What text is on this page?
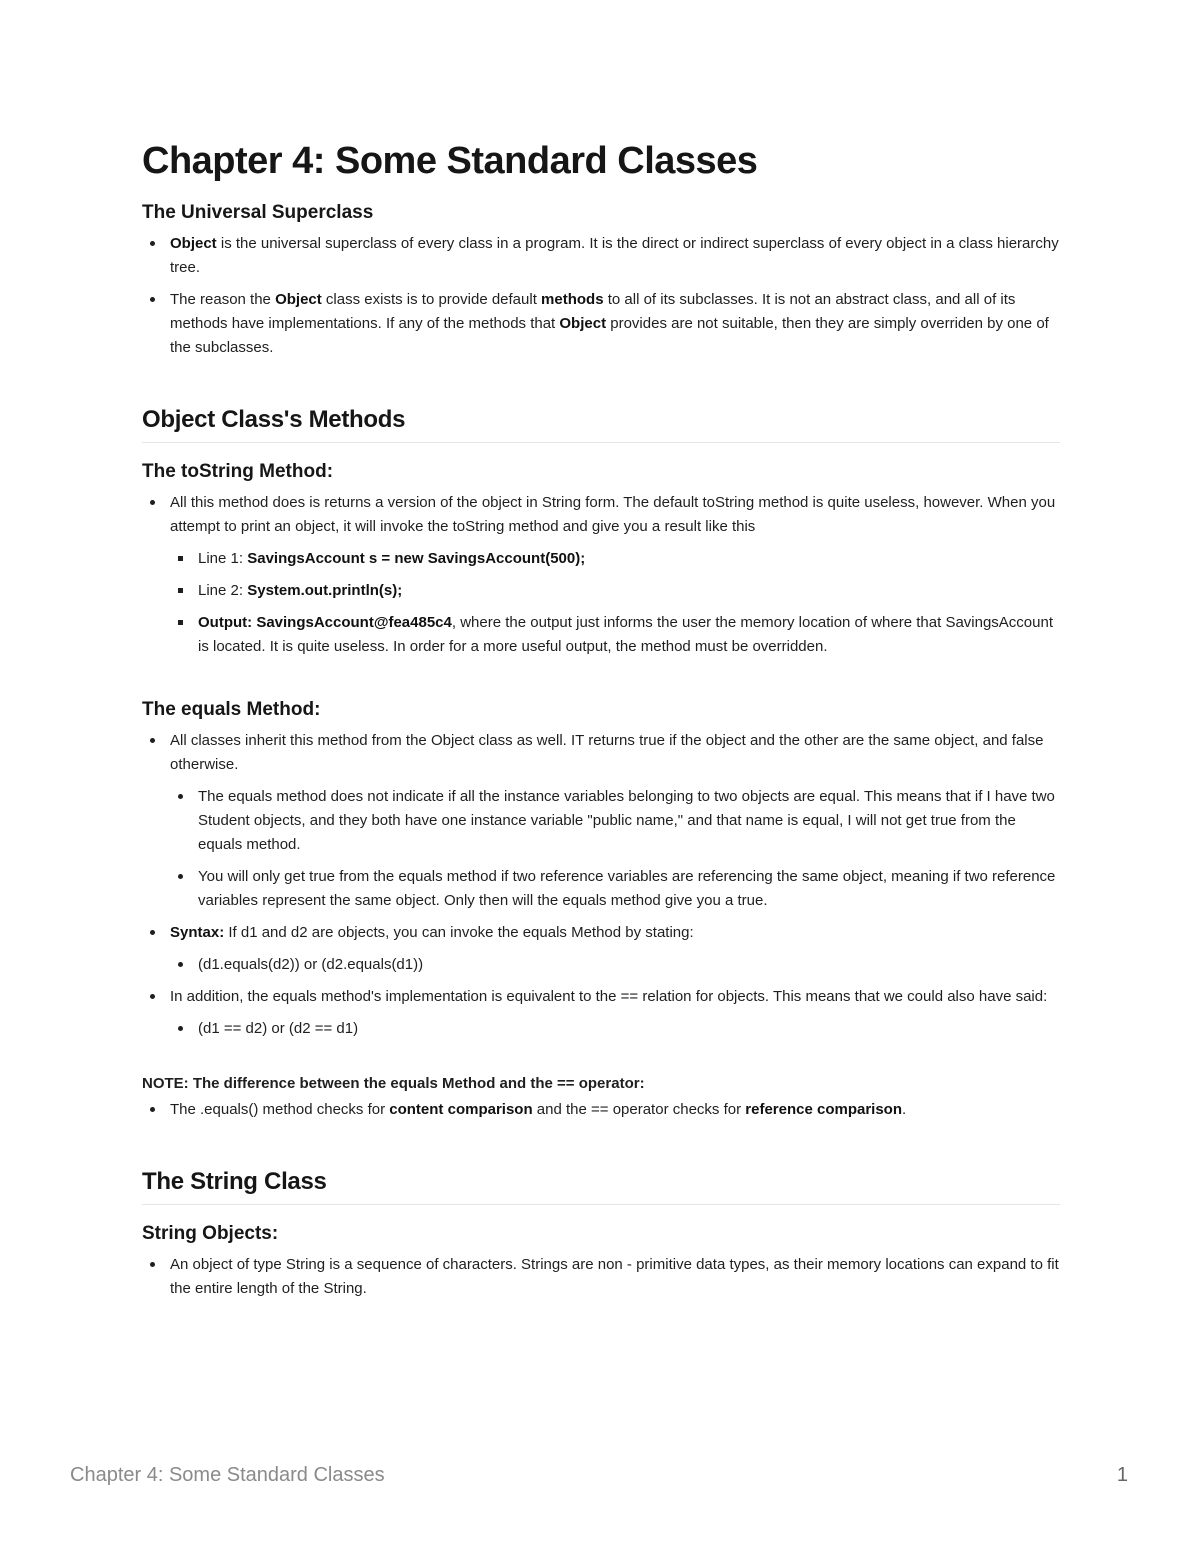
Chapter 4: Some Standard Classes
The Universal Superclass
Object is the universal superclass of every class in a program. It is the direct or indirect superclass of every object in a class hierarchy tree.
The reason the Object class exists is to provide default methods to all of its subclasses. It is not an abstract class, and all of its methods have implementations. If any of the methods that Object provides are not suitable, then they are simply overriden by one of the subclasses.
Object Class's Methods
The toString Method:
All this method does is returns a version of the object in String form. The default toString method is quite useless, however. When you attempt to print an object, it will invoke the toString method and give you a result like this
Line 1: SavingsAccount s = new SavingsAccount(500);
Line 2: System.out.println(s);
Output: SavingsAccount@fea485c4, where the output just informs the user the memory location of where that SavingsAccount is located. It is quite useless. In order for a more useful output, the method must be overridden.
The equals Method:
All classes inherit this method from the Object class as well. IT returns true if the object and the other are the same object, and false otherwise.
The equals method does not indicate if all the instance variables belonging to two objects are equal. This means that if I have two Student objects, and they both have one instance variable "public name," and that name is equal, I will not get true from the equals method.
You will only get true from the equals method if two reference variables are referencing the same object, meaning if two reference variables represent the same object. Only then will the equals method give you a true.
Syntax: If d1 and d2 are objects, you can invoke the equals Method by stating:
(d1.equals(d2)) or (d2.equals(d1))
In addition, the equals method's implementation is equivalent to the == relation for objects. This means that we could also have said:
(d1 == d2) or (d2 == d1)

NOTE: The difference between the equals Method and the == operator:

The .equals() method checks for content comparison and the == operator checks for reference comparison.
The String Class
String Objects:
An object of type String is a sequence of characters. Strings are non - primitive data types, as their memory locations can expand to fit the entire length of the String.
Chapter 4: Some Standard Classes	1
